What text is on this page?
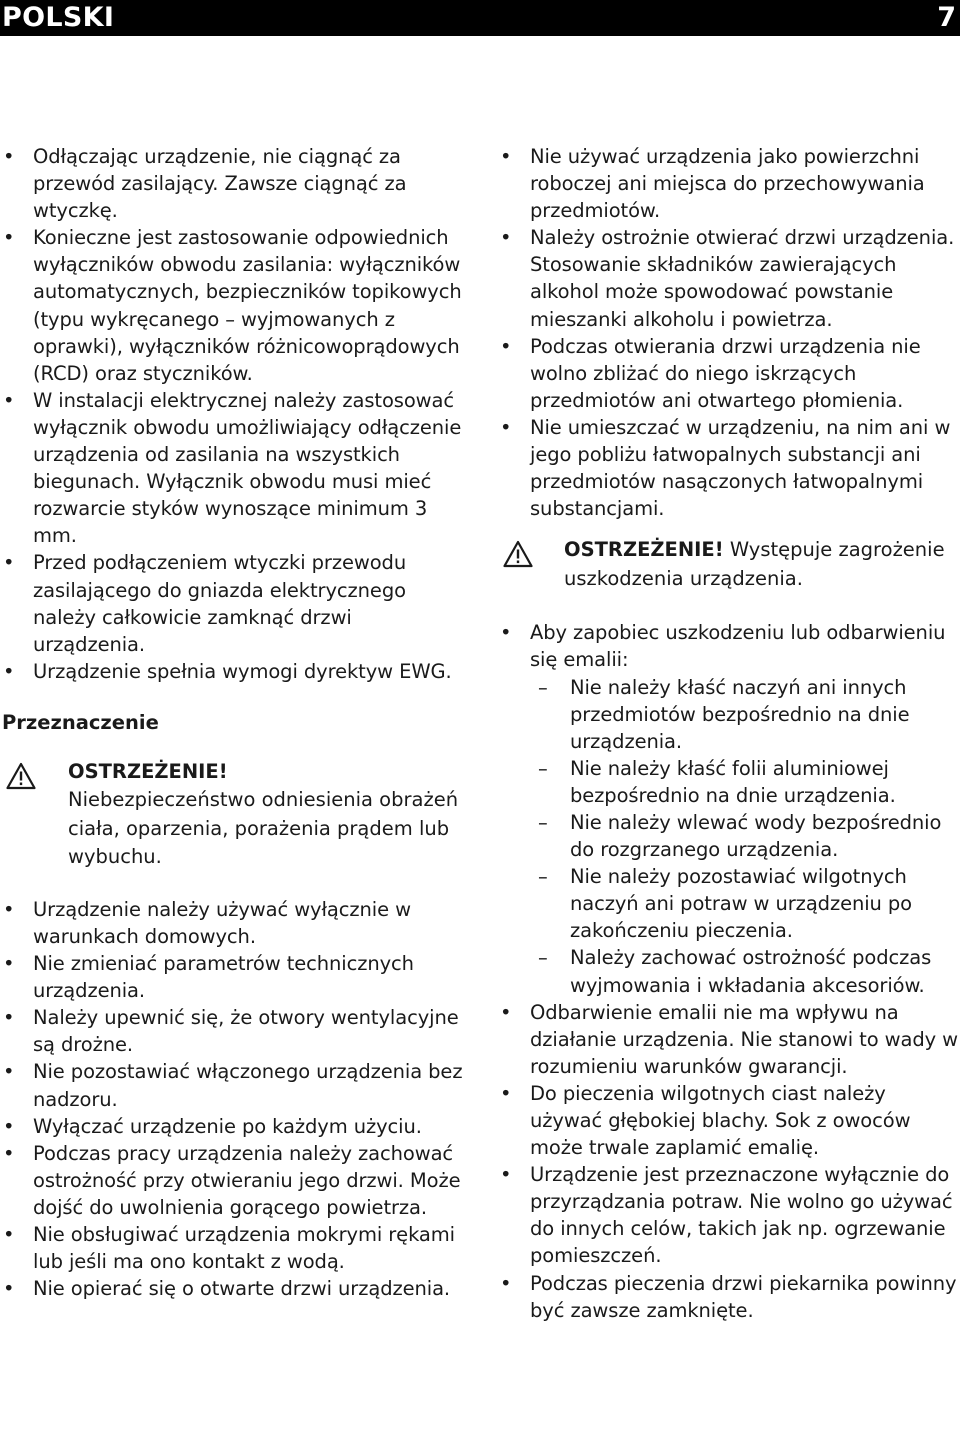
POLSKI	7
• Odłączając urządzenie, nie ciągnąć za przewód zasilający. Zawsze ciągnąć za wtyczkę.
• Konieczne jest zastosowanie odpowiednich wyłączników obwodu zasilania: wyłączników automatycznych, bezpieczników topikowych (typu wykręcanego – wyjmowanych z oprawki), wyłączników różnicowoprądowych (RCD) oraz styczników.
• W instalacji elektrycznej należy zastosować wyłącznik obwodu umożliwiający odłączenie urządzenia od zasilania na wszystkich biegunach. Wyłącznik obwodu musi mieć rozwarcie styków wynoszące minimum 3 mm.
• Przed podłączeniem wtyczki przewodu zasilającego do gniazda elektrycznego należy całkowicie zamknąć drzwi urządzenia.
• Urządzenie spełnia wymogi dyrektyw EWG.
Przeznaczenie
OSTRZEŻENIE!
Niebezpieczeństwo odniesienia obrażeń ciała, oparzenia, porażenia prądem lub wybuchu.
• Urządzenie należy używać wyłącznie w warunkach domowych.
• Nie zmieniać parametrów technicznych urządzenia.
• Należy upewnić się, że otwory wentylacyjne są drożne.
• Nie pozostawiać włączonego urządzenia bez nadzoru.
• Wyłączać urządzenie po każdym użyciu.
• Podczas pracy urządzenia należy zachować ostrożność przy otwieraniu jego drzwi. Może dojść do uwolnienia gorącego powietrza.
• Nie obsługiwać urządzenia mokrymi rękami lub jeśli ma ono kontakt z wodą.
• Nie opierać się o otwarte drzwi urządzenia.
• Nie używać urządzenia jako powierzchni roboczej ani miejsca do przechowywania przedmiotów.
• Należy ostrożnie otwierać drzwi urządzenia. Stosowanie składników zawierających alkohol może spowodować powstanie mieszanki alkoholu i powietrza.
• Podczas otwierania drzwi urządzenia nie wolno zbliżać do niego iskrzących przedmiotów ani otwartego płomienia.
• Nie umieszczać w urządzeniu, na nim ani w jego pobliżu łatwopalnych substancji ani przedmiotów nasączonych łatwopalnymi substancjami.
OSTRZEŻENIE! Występuje zagrożenie uszkodzenia urządzenia.
• Aby zapobiec uszkodzeniu lub odbarwieniu się emalii:
– Nie należy kłaść naczyń ani innych przedmiotów bezpośrednio na dnie urządzenia.
– Nie należy kłaść folii aluminiowej bezpośrednio na dnie urządzenia.
– Nie należy wlewać wody bezpośrednio do rozgrzanego urządzenia.
– Nie należy pozostawiać wilgotnych naczyń ani potraw w urządzeniu po zakończeniu pieczenia.
– Należy zachować ostrożność podczas wyjmowania i wkładania akcesoriów.
• Odbarwienie emalii nie ma wpływu na działanie urządzenia. Nie stanowi to wady w rozumieniu warunków gwarancji.
• Do pieczenia wilgotnych ciast należy używać głębokiej blachy. Sok z owoców może trwale zaplamić emalię.
• Urządzenie jest przeznaczone wyłącznie do przyrządzania potraw. Nie wolno go używać do innych celów, takich jak np. ogrzewanie pomieszczeń.
• Podczas pieczenia drzwi piekarnika powinny być zawsze zamknięte.
